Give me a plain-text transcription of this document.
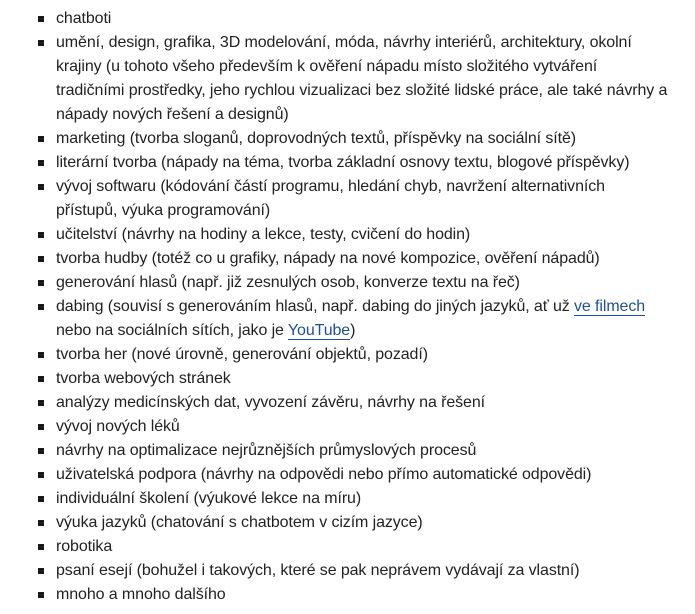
chatboti
umění, design, grafika, 3D modelování, móda, návrhy interiérů, architektury, okolní krajiny (u tohoto všeho především k ověření nápadu místo složitého vytváření tradičními prostředky, jeho rychlou vizualizaci bez složité lidské práce, ale také návrhy a nápady nových řešení a designů)
marketing (tvorba sloganů, doprovodných textů, příspěvky na sociální sítě)
literární tvorba (nápady na téma, tvorba základní osnovy textu, blogové příspěvky)
vývoj softwaru (kódování částí programu, hledání chyb, navržení alternativních přístupů, výuka programování)
učitelství (návrhy na hodiny a lekce, testy, cvičení do hodin)
tvorba hudby (totéž co u grafiky, nápady na nové kompozice, ověření nápadů)
generování hlasů (např. již zesnulých osob, konverze textu na řeč)
dabing (souvisí s generováním hlasů, např. dabing do jiných jazyků, ať už ve filmech nebo na sociálních sítích, jako je YouTube)
tvorba her (nové úrovně, generování objektů, pozadí)
tvorba webových stránek
analýzy medicínských dat, vyvození závěru, návrhy na řešení
vývoj nových léků
návrhy na optimalizace nejrůznějších průmyslových procesů
uživatelská podpora (návrhy na odpovědi nebo přímo automatické odpovědi)
individuální školení (výukové lekce na míru)
výuka jazyků (chatování s chatbotem v cizím jazyce)
robotika
psaní esejí (bohužel i takových, které se pak neprávem vydávají za vlastní)
mnoho a mnoho dalšího
